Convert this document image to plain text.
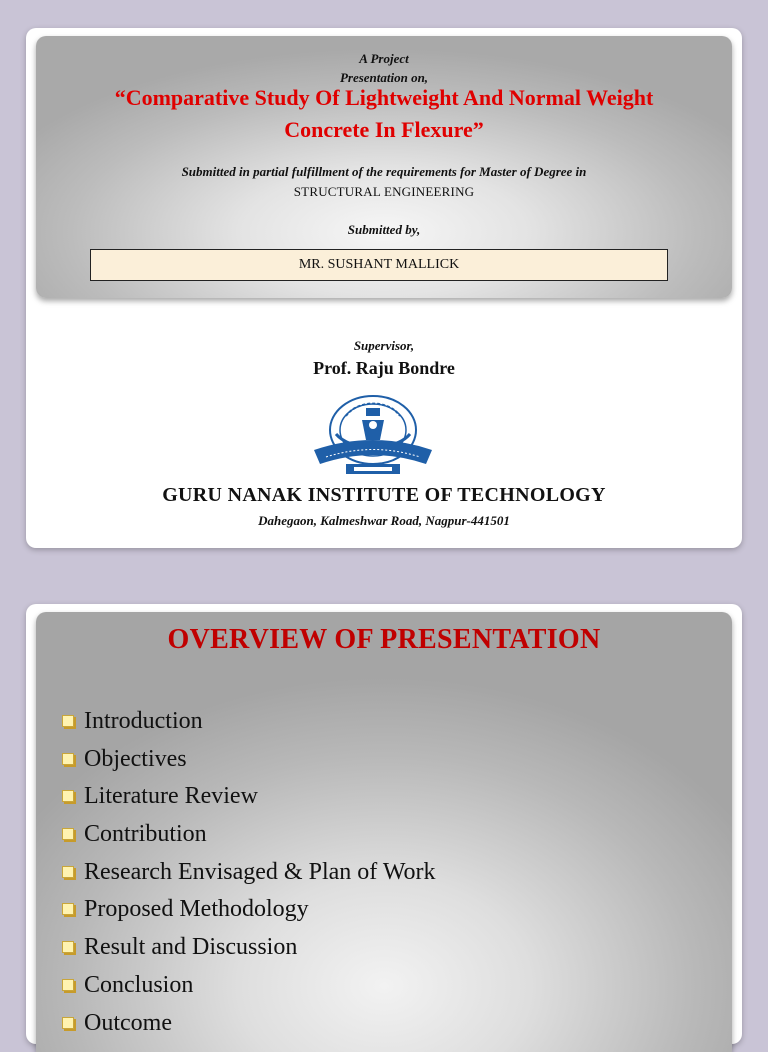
A Project
Presentation on,
“Comparative Study Of Lightweight And Normal Weight
Concrete In Flexure”
Submitted in partial fulfillment of the requirements for Master of Degree in
STRUCTURAL ENGINEERING
Submitted by,
MR. SUSHANT MALLICK
Supervisor,
Prof. Raju Bondre
GURU NANAK INSTITUTE OF TECHNOLOGY
Dahegaon, Kalmeshwar Road, Nagpur-441501
OVERVIEW OF PRESENTATION
Introduction
Objectives
Literature Review
Contribution
Research Envisaged & Plan of Work
Proposed Methodology
Result and Discussion
Conclusion
Outcome
